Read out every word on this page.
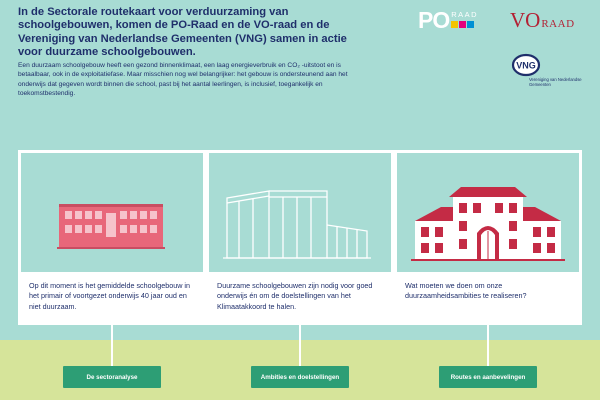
In de Sectorale routekaart voor verduurzaming van schoolgebouwen, komen de PO-Raad en de VO-raad en de Vereniging van Nederlandse Gemeenten (VNG) samen in actie voor duurzame schoolgebouwen.

Een duurzaam schoolgebouw heeft een gezond binnenklimaat, een laag energieverbruik en CO₂ -uitstoot en is betaalbaar, ook in de exploitatiefase. Maar misschien nog wel belangrijker: het gebouw is ondersteunend aan het onderwijs dat gegeven wordt binnen die school, past bij het aantal leerlingen, is inclusief, toegankelijk en toekomstbestendig.

PO RAAD VO RAAD
VNG
Vereniging van Nederlandse Gemeenten

Op dit moment is het gemiddelde schoolgebouw in het primair of voortgezet onderwijs 40 jaar oud en niet duurzaam.

Duurzame schoolgebouwen zijn nodig voor goed onderwijs én om de doelstellingen van het Klimaatakkoord te halen.

Wat moeten we doen om onze duurzaamheidsambities te realiseren?

De sectoranalyse	Ambities en doelstellingen	Routes en aanbevelingen
